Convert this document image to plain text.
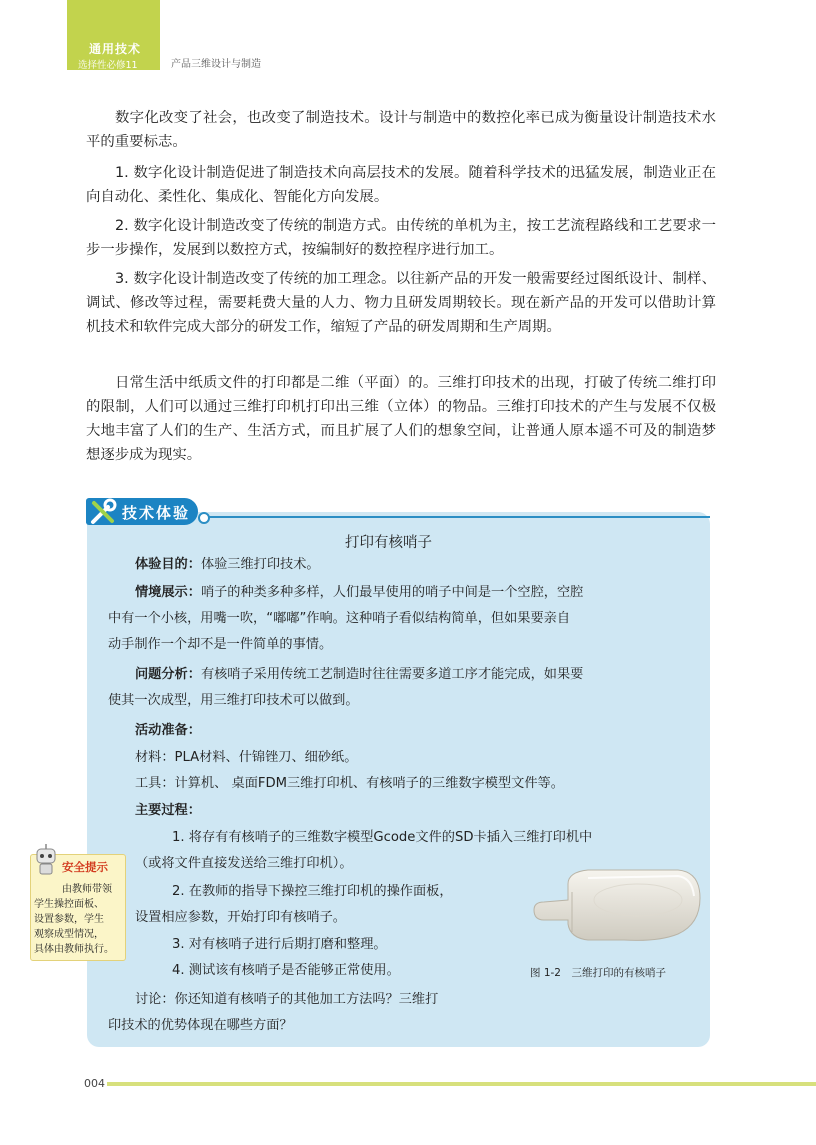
通用技术
选择性必修11	产品三维设计与制造
数字化改变了社会，也改变了制造技术。设计与制造中的数控化率已成为衡量设计制造技术水平的重要标志。
1. 数字化设计制造促进了制造技术向高层技术的发展。随着科学技术的迅猛发展，制造业正在向自动化、柔性化、集成化、智能化方向发展。
2. 数字化设计制造改变了传统的制造方式。由传统的单机为主，按工艺流程路线和工艺要求一步一步操作，发展到以数控方式，按编制好的数控程序进行加工。
3. 数字化设计制造改变了传统的加工理念。以往新产品的开发一般需要经过图纸设计、制样、调试、修改等过程，需要耗费大量的人力、物力且研发周期较长。现在新产品的开发可以借助计算机技术和软件完成大部分的研发工作，缩短了产品的研发周期和生产周期。
日常生活中纸质文件的打印都是二维（平面）的。三维打印技术的出现，打破了传统二维打印的限制，人们可以通过三维打印机打印出三维（立体）的物品。三维打印技术的产生与发展不仅极大地丰富了人们的生产、生活方式，而且扩展了人们的想象空间，让普通人原本遥不可及的制造梦想逐步成为现实。
技术体验
打印有核哨子
体验目的：体验三维打印技术。
情境展示：哨子的种类多种多样，人们最早使用的哨子中间是一个空腔，空腔
中有一个小核，用嘴一吹，“嘟嘟”作响。这种哨子看似结构简单，但如果要亲自
动手制作一个却不是一件简单的事情。
问题分析：有核哨子采用传统工艺制造时往往需要多道工序才能完成，如果要
使其一次成型，用三维打印技术可以做到。
活动准备：
材料：PLA材料、什锦锉刀、细砂纸。
工具：计算机、 桌面FDM三维打印机、有核哨子的三维数字模型文件等。
主要过程：
1. 将存有有核哨子的三维数字模型Gcode文件的SD卡插入三维打印机中
（或将文件直接发送给三维打印机）。
2. 在教师的指导下操控三维打印机的操作面板，
设置相应参数，开始打印有核哨子。
3. 对有核哨子进行后期打磨和整理。
4. 测试该有核哨子是否能够正常使用。
讨论：你还知道有核哨子的其他加工方法吗？三维打
印技术的优势体现在哪些方面？
图 1-2　三维打印的有核哨子
安全提示
由教师带领
学生操控面板、
设置参数，学生
观察成型情况，
具体由教师执行。
004
